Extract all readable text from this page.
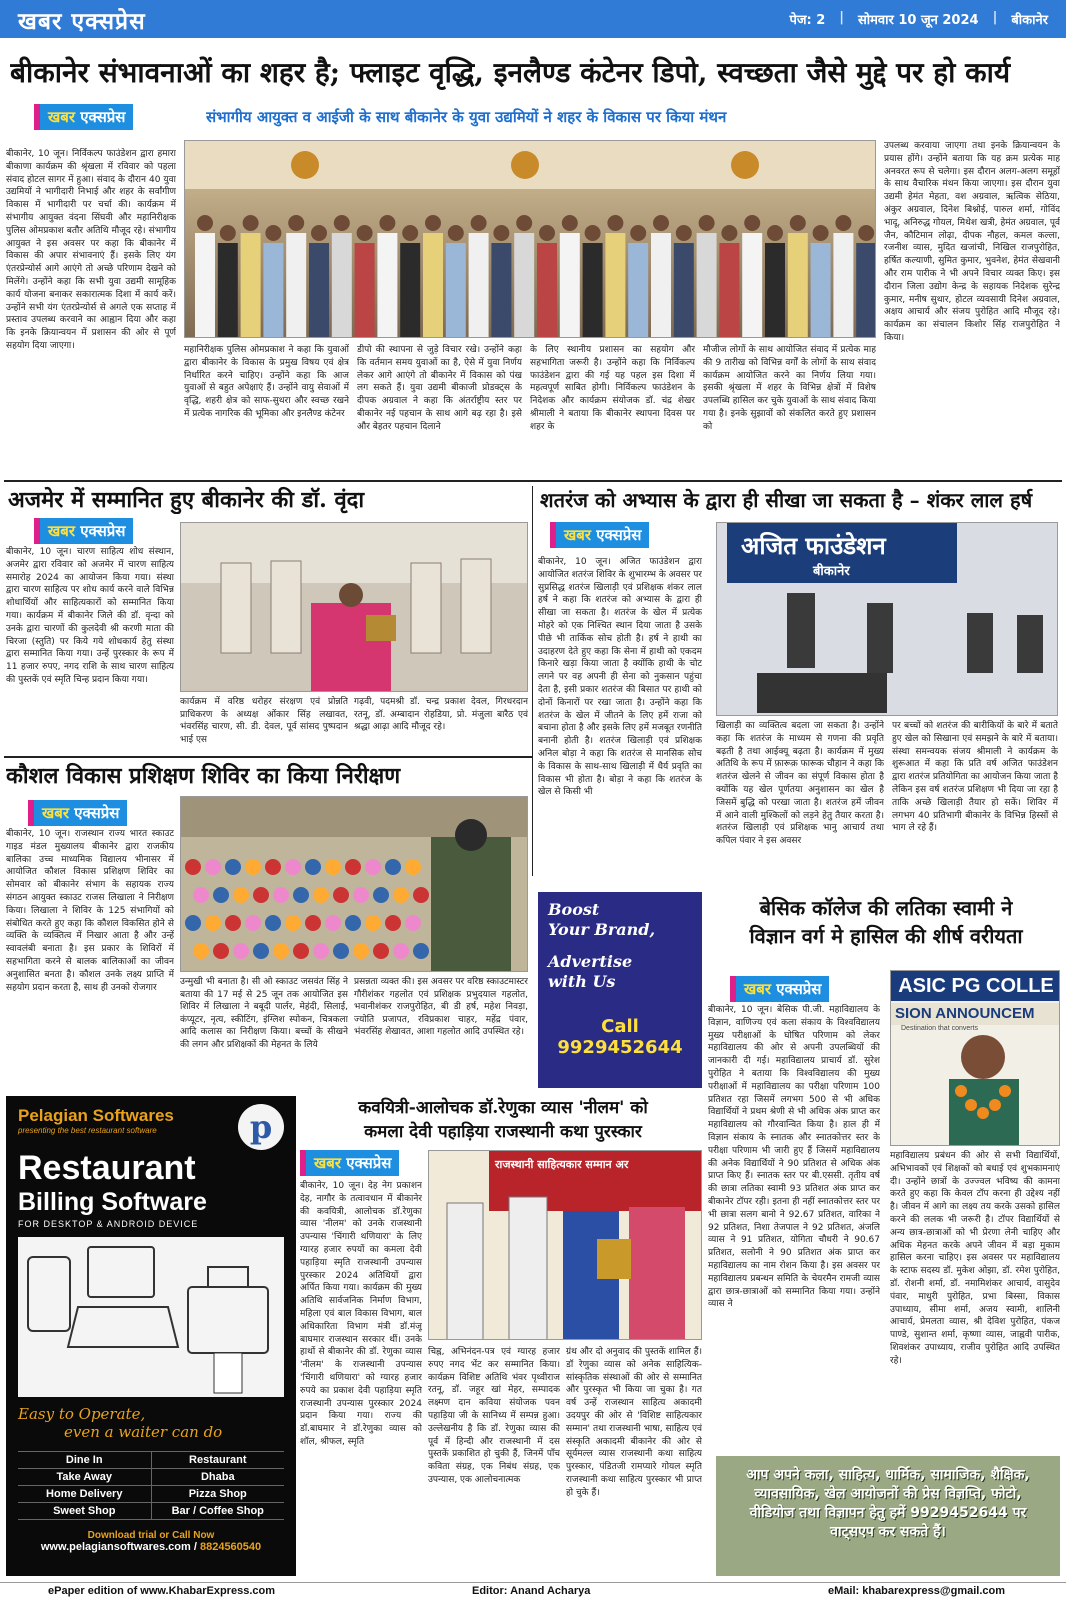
खबर एक्सप्रेस	पेज: 2 | सोमवार 10 जून 2024 | बीकानेर
बीकानेर संभावनाओं का शहर है; फ्लाइट वृद्धि, इनलैण्ड कंटेनर डिपो, स्वच्छता जैसे मुद्दे पर हो कार्य
खबर एक्सप्रेस	संभागीय आयुक्त व आईजी के साथ बीकानेर के युवा उद्यमियों ने शहर के विकास पर किया मंथन
बीकानेर, 10 जून। निर्विकल्प फाउंडेशन द्वारा हमारा बीकाणा कार्यक्रम की श्रृंखला में रविवार को पहला संवाद होटल सागर में हुआ। संवाद के दौरान 40 युवा उद्यमियों ने भागीदारी निभाई और शहर के सर्वांगीण विकास में भागीदारी पर चर्चा की। कार्यक्रम में संभागीय आयुक्त वंदना सिंघवी और महानिरीक्षक पुलिस ओमप्रकाश बतौर अतिथि मौजूद रहे। संभागीय आयुक्त ने इस अवसर पर कहा कि बीकानेर में विकास की अपार संभावनाएं हैं। इसके लिए यंग एंतरप्रेन्योर्स आगे आएंगे तो अच्छे परिणाम देखने को मिलेंगे। उन्होंने कहा कि सभी युवा उद्यमी सामूहिक कार्य योजना बनाकर सकारात्मक दिशा में कार्य करें। उन्होंने सभी यंग एंतरप्रेन्योर्स से अगले एक सप्ताह में प्रस्ताव उपलब्ध करवाने का आह्वान दिया और कहा कि इनके क्रियान्वयन में प्रशासन की ओर से पूर्ण सहयोग दिया जाएगा।
उपलब्ध करवाया जाएगा तथा इनके क्रियान्वयन के प्रयास होंगे। उन्होंने बताया कि यह क्रम प्रत्येक माह अनवरत रूप से चलेगा। इस दौरान अलग-अलग समूहों के साथ वैचारिक मंथन किया जाएगा। इस दौरान युवा उद्यमी हेमंत मेहता, वश अग्रवाल, ऋत्विक सेठिया, अंकुर अग्रवाल, दिनेश बिश्नोई, पारुल शर्मा, गोविंद भादू, अनिरुद्ध गोयल, मिथेश खत्री, हेमंत अग्रवाल, पूर्व जैन, कौटिमान लोढ़ा, दीपक नौहल, कमल कल्ला, रजनीश व्यास, मुदित खजांची, निखिल राजपुरोहित, हर्षित कल्याणी, सुमित कुमार, भुवनेश, हेमंत सेखवानी और राम पारीक ने भी अपने विचार व्यक्त किए। इस दौरान जिला उद्योग केन्द्र के सहायक निदेशक सुरेन्द्र कुमार, मनीष सुथार, होटल व्यवसायी दिनेश अग्रवाल, अक्षय आचार्य और संजय पुरोहित आदि मौजूद रहे। कार्यक्रम का संचालन किशोर सिंह राजपुरोहित ने किया।
महानिरीक्षक पुलिस ओमप्रकाश ने कहा कि युवाओं द्वारा बीकानेर के विकास के प्रमुख विषय एवं क्षेत्र निर्धारित करने चाहिए। उन्होंने कहा कि आज युवाओं से बहुत अपेक्षाएं हैं। उन्होंने वायु सेवाओं में वृद्धि, शहरी क्षेत्र को साफ-सुथरा और स्वच्छ रखने में प्रत्येक नागरिक की भूमिका और इनलैण्ड कंटेनर
डीपो की स्थापना से जुड़े विचार रखे। उन्होंने कहा कि वर्तमान समय युवाओं का है, ऐसे में युवा निर्णय लेकर आगे आएंगे तो बीकानेर में विकास को पंख लग सकते हैं। युवा उद्यमी बीकाजी प्रोडक्ट्स के दीपक अग्रवाल ने कहा कि अंतर्राष्ट्रीय स्तर पर बीकानेर नई पहचान के साथ आगे बढ़ रहा है। इसे और बेहतर पहचान दिलाने
के लिए स्थानीय प्रशासन का सहयोग और सहभागिता जरूरी है। उन्होंने कहा कि निर्विकल्प फाउंडेशन द्वारा की गई यह पहल इस दिशा में महत्वपूर्ण साबित होगी। निर्विकल्प फाउंडेशन के निदेशक और कार्यक्रम संयोजक डॉ. चंद्र शेखर श्रीमाली ने बताया कि बीकानेर स्थापना दिवस पर शहर के
मौजीज लोगों के साथ आयोजित संवाद में प्रत्येक माह की 9 तारीख को विभिन्न वर्गों के लोगों के साथ संवाद कार्यक्रम आयोजित करने का निर्णय लिया गया। इसकी श्रृंखला में शहर के विभिन्न क्षेत्रों में विशेष उपलब्धि हासिल कर चुके युवाओं के साथ संवाद किया गया है। इनके सुझावों को संकलित करते हुए प्रशासन को
अजमेर में सम्मानित हुए बीकानेर की डॉ. वृंदा
खबर एक्सप्रेस
बीकानेर, 10 जून। चारण साहित्य शोध संस्थान, अजमेर द्वारा रविवार को अजमेर में चारण साहित्य समारोह 2024 का आयोजन किया गया। संस्था द्वारा चारण साहित्य पर शोध कार्य करने वाले विभिन्न शोधार्थियों और साहित्यकारों को सम्मानित किया गया। कार्यक्रम में बीकानेर जिले की डॉ. वृन्दा को उनके द्वारा चारणों की कुलदेवी श्री करणी माता की चिरजा (स्तुति) पर किये गये शोधकार्य हेतु संस्था द्वारा सम्मानित किया गया। उन्हें पुरस्कार के रूप में 11 हजार रुपए, नगद राशि के साथ चारण साहित्य की पुस्तकें एवं स्मृति चिन्ह प्रदान किया गया।
कार्यक्रम में वरिष्ठ धरोहर संरक्षण एवं प्रोन्नति प्राधिकरण के अध्यक्ष ओंकार सिंह लखावत, भंवरसिंह चारण, सी. डी. देवल, पूर्व सांसद पुष्पदान भाई एस
गढ़वी, पदमश्री डॉ. चन्द्र प्रकाश देवल, गिरधरदान रतनू, डॉ. अम्बादान रोहडिया, प्रो. मंजुला बारैठ एवं श्रद्धा आढ़ा आदि मौजूद रहे।
शतरंज को अभ्यास के द्वारा ही सीखा जा सकता है – शंकर लाल हर्ष
खबर एक्सप्रेस
बीकानेर, 10 जून। अजित फाउंडेशन द्वारा आयोजित शतरंज शिविर के शुभारम्भ के अवसर पर सुप्रसिद्ध शतरंज खिलाड़ी एवं प्रशिक्षक शंकर लाल हर्ष ने कहा कि शतरंज को अभ्यास के द्वारा ही सीखा जा सकता है। शतरंज के खेल में प्रत्येक मोहरे को एक निश्चित स्थान दिया जाता है उसके पीछे भी तार्किक सोच होती है। हर्ष ने हाथी का उदाहरण देते हुए कहा कि सेना में हाथी को एकदम किनारे खड़ा किया जाता है क्योंकि हाथी के चोट लगने पर वह अपनी ही सेना को नुकसान पहुंचा देता है, इसी प्रकार शतरंज की बिसात पर हाथी को दोनों किनारों पर रखा जाता है। उन्होंने कहा कि शतरंज के खेल में जीतने के लिए हमें राजा को बचाना होता है और इसके लिए हमें मजबूत रणनीति बनानी होती है। शतरंज खिलाड़ी एवं प्रशिक्षक अनिल बोड़ा ने कहा कि शतरंज से मानसिक सोच के विकास के साथ-साथ खिलाड़ी में धैर्य प्रवृति का विकास भी होता है। बोड़ा ने कहा कि शतरंज के खेल से किसी भी
अजित फाउंडेशन
बीकानेर
खिलाड़ी का व्यक्तित्व बदला जा सकता है। उन्होंने कहा कि शतरंज के माध्यम से गणना की प्रवृति बढ़ती है तथा आईक्यू बढ़ता है। कार्यक्रम में मुख्य अतिथि के रूप में फ़ारूक़ फारूक चौहान ने कहा कि शतरंज खेलने से जीवन का संपूर्ण विकास होता है क्योंकि यह खेल पूर्णतया अनुशासन का खेल है जिसमें बुद्धि को परखा जाता है। शतरंज हमें जीवन में आने वाली मुश्किलों को लड़ने हेतु तैयार करता है। शतरंज खिलाड़ी एवं प्रशिक्षक भानु आचार्य तथा कपिल पंवार ने इस अवसर
पर बच्चों को शतरंज की बारीकियों के बारे में बताते हुए खेल को सिखाना एवं समझने के बारे में बताया। संस्था समन्वयक संजय श्रीमाली ने कार्यक्रम के शुरूआत में कहा कि प्रति वर्ष अजित फाउंडेशन द्वारा शतरंज प्रतियोगिता का आयोजन किया जाता है लेकिन इस वर्ष शतरंज प्रशिक्षण भी दिया जा रहा है ताकि अच्छे खिलाड़ी तैयार हो सकें। शिविर में लगभग 40 प्रतिभागी बीकानेर के विभिन्न हिस्सों से भाग ले रहे हैं।
कौशल विकास प्रशिक्षण शिविर का किया निरीक्षण
खबर एक्सप्रेस
बीकानेर, 10 जून। राजस्थान राज्य भारत स्काउट गाइड मंडल मुख्यालय बीकानेर द्वारा राजकीय बालिका उच्च माध्यमिक विद्यालय भीनासर में आयोजित कौशल विकास प्रशिक्षण शिविर का सोमवार को बीकानेर संभाग के सहायक राज्य संगठन आयुक्त स्काउट राजस लिखाला ने निरीक्षण किया। लिखाला ने शिविर के 125 संभागियों को संबोधित करते हुए कहा कि कौशल विकसित होने से व्यक्ति के व्यक्तित्व में निखार आता है और उन्हें स्वावलंबी बनाता है। इस प्रकार के शिविरों में सहभागिता करने से बालक बालिकाओं का जीवन अनुशासित बनता है। कौशल उनके लक्ष्य प्राप्ति में सहयोग प्रदान करता है, साथ ही उनको रोजगार
उन्मुखी भी बनाता है। सी ओ स्काउट जसवंत सिंह ने बताया की 17 मई से 25 जून तक आयोजित इस शिविर में लिखाला ने बबूदी पार्लर, मेहंदी, सिलाई, कंप्यूटर, नृत्य, स्कीटिंग, इंग्लिश स्पोकन, चित्रकला आदि कलास का निरीक्षण किया। बच्चों के सीखने की लगन और प्रशिक्षकों की मेहनत के लिये
प्रसन्नता व्यक्त की। इस अवसर पर वरिष्ठ स्काउटमास्टर गौरीशंकर गहलोत एवं प्रशिक्षक प्रभुदयाल गहलोत, भवानीशंकर राजपुरोहित, बी डी हर्ष, महेश निवड़ा, ज्योति प्रजापत, रविप्रकाश चाहर, महेंद्र पंवार, भंवरसिंह शेखावत, आशा गहलोत आदि उपस्थित रहे।
Boost
Your Brand,
Advertise
with Us
Call
9929452644
बेसिक कॉलेज की लतिका स्वामी ने
विज्ञान वर्ग मे हासिल की शीर्ष वरीयता
खबर एक्सप्रेस
बीकानेर, 10 जून। बेसिक पी.जी. महाविद्यालय के विज्ञान, वाणिज्य एवं कला संकाय के विश्वविद्यालय मुख्य परीक्षाओं के घोषित परिणाम को लेकर महाविद्यालय की ओर से अपनी उपलब्धियों की जानकारी दी गई। महाविद्यालय प्राचार्य डॉ. सुरेश पुरोहित ने बताया कि विश्वविद्यालय की मुख्य परीक्षाओं में महाविद्यालय का परीक्षा परिणाम 100 प्रतिशत रहा जिसमें लगभग 500 से भी अधिक विद्यार्थियों ने प्रथम श्रेणी से भी अधिक अंक प्राप्त कर महाविद्यालय को गौरवान्वित किया है। हाल ही में विज्ञान संकाय के स्नातक और स्नातकोत्तर स्तर के परीक्षा परिणाम भी जारी हुए हैं जिसमें महाविद्यालय की अनेक विद्यार्थियों ने 90 प्रतिशत से अधिक अंक प्राप्त किए हैं। स्नातक स्तर पर बी.एससी. तृतीय वर्ष की छात्रा लतिका स्वामी 93 प्रतिशत अंक प्राप्त कर बीकानेर टॉपर रही। इतना ही नहीं स्नातकोत्तर स्तर पर भी छात्रा सलग बानो ने 92.67 प्रतिशत, वारिका ने 92 प्रतिशत, निशा तेजपाल ने 92 प्रतिशत, अंजलि व्यास ने 91 प्रतिशत, योगिता चौधरी ने 90.67 प्रतिशत, सलोनी ने 90 प्रतिशत अंक प्राप्त कर महाविद्यालय का नाम रोशन किया है। इस अवसर पर महाविद्यालय प्रबन्धन समिति के चेयरमैन रामजी व्यास द्वारा छात्र-छात्राओं को सम्मानित किया गया। उन्होंने व्यास ने
ASIC PG COLLE
SION ANNOUNCEM
Destination that converts
महाविद्यालय प्रबंधन की ओर से सभी विद्यार्थियों, अभिभावकों एवं शिक्षकों को बधाई एवं शुभकामनाएं दी। उन्होंने छात्रों के उज्ज्वल भविष्य की कामना करते हुए कहा कि केवल टॉप करना ही उद्देश्य नहीं है। जीवन में आगे का लक्ष्य तय करके उसको हासिल करने की ललक भी जरूरी है। टॉपर विद्यार्थियों से अन्य छात्र-छात्राओं को भी प्रेरणा लेनी चाहिए और अधिक मेहनत करके अपने जीवन में बड़ा मुकाम हासिल करना चाहिए। इस अवसर पर महाविद्यालय के स्टाफ सदस्य डॉ. मुकेश ओझा, डॉ. रमेश पुरोहित, डॉ. रोशनी शर्मा, डॉ. नमामिशंकर आचार्य, वासुदेव पंवार, माधुरी पुरोहित, प्रभा बिस्सा, विकास उपाध्याय, सीमा शर्मा, अजय स्वामी, शालिनी आचार्य, प्रेमलता व्यास, श्री देविश पुरोहित, पंकज पाण्डे, सुशान्त शर्मा, कृष्णा व्यास, जाह्नवी पारीक, शिवशंकर उपाध्याय, राजीव पुरोहित आदि उपस्थित रहे।
Pelagian Softwares
presenting the best restaurant software	p
Restaurant
Billing Software
FOR DESKTOP & ANDROID DEVICE
Easy to Operate,
even a waiter can do
Dine In	Restaurant
Take Away	Dhaba
Home Delivery	Pizza Shop
Sweet Shop	Bar / Coffee Shop
Download trial or Call Now
www.pelagiansoftwares.com / 8824560540
कवयित्री-आलोचक डॉ.रेणुका व्यास 'नीलम' को
कमला देवी पहाड़िया राजस्थानी कथा पुरस्कार
खबर एक्सप्रेस
बीकानेर, 10 जून। देह नेग प्रकाशन देह, नागौर के तत्वावधान में बीकानेर की कवयित्री, आलोचक डॉ.रेणुका व्यास 'नीलम' को उनके राजस्थानी उपन्यास 'चिंगारी थणियारा' के लिए ग्यारह हजार रुपयों का कमला देवी पहाड़िया स्मृति राजस्थानी उपन्यास पुरस्कार 2024 अतिथियों द्वारा अर्पित किया गया। कार्यक्रम की मुख्य अतिथि सार्वजनिक निर्माण विभाग, महिला एवं बाल विकास विभाग, बाल अधिकारिता विभाग मंत्री डॉ.मंजू बाघमार राजस्थान सरकार थीं। उनके हाथों से बीकानेर की डॉ. रेणुका व्यास 'नीलम' के राजस्थानी उपन्यास 'चिंगारी थणियारा' को ग्यारह हजार रुपये का प्रकाश देवी पहाड़िया स्मृति राजस्थानी उपन्यास पुरस्कार 2024 प्रदान किया गया। राज्य की डॉ.बाघमार ने डॉ.रेणुका व्यास को शॉल, श्रीफल, स्मृति
राजस्थानी साहित्यकार सम्मान अर
चिह्न, अभिनंदन-पत्र एवं ग्यारह हजार रुपए नगद भेंट कर सम्मानित किया। कार्यक्रम विशिष्ट अतिथि भंवर पृथ्वीराज रतनू, डॉ. जहूर खां मेहर, सम्पादक लक्ष्मण दान कविया संयोजक पवन पहाड़िया जी के सानिध्य में सम्पन्न हुआ। उल्लेखनीय है कि डॉ. रेणुका व्यास की पूर्व में हिन्दी और राजस्थानी में दस पुस्तकें प्रकाशित हो चुकी हैं, जिनमें पाँच कविता संग्रह, एक निबंध संग्रह, एक उपन्यास, एक आलोचनात्मक
ग्रंथ और दो अनुवाद की पुस्तकें शामिल हैं। डॉ रेणुका व्यास को अनेक साहित्यिक- सांस्कृतिक संस्थाओं की ओर से सम्मानित और पुरस्कृत भी किया जा चुका है। गत वर्ष उन्हें राजस्थान साहित्य अकादमी उदयपुर की ओर से 'विशिष्ट साहित्यकार सम्मान' तथा राजस्थानी भाषा, साहित्य एवं संस्कृति अकादमी बीकानेर की ओर से सूर्यमल्ल व्यास राजस्थानी कथा साहित्य पुरस्कार, पंडितजी रामप्यारे गोयल स्मृति राजस्थानी कथा साहित्य पुरस्कार भी प्राप्त हो चुके हैं।
आप अपने कला, साहित्य, धार्मिक, सामाजिक, शैक्षिक, व्यावसायिक, खेल आयोजनों की प्रेस विज्ञप्ति, फोटो, वीडियोज तथा विज्ञापन हेतु हमें 9929452644 पर वाट्सएप कर सकते हैं।
ePaper edition of www.KhabarExpress.com	Editor: Anand Acharya	eMail: khabarexpress@gmail.com
